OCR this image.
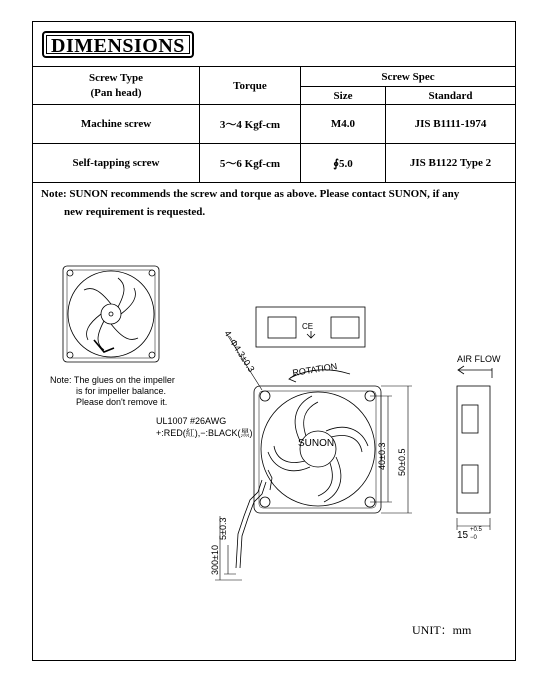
DIMENSIONS
Screw Type
(Pan head)	Torque	Screw Spec	
		Size	Standard
Machine screw	3～4 Kgf-cm	M4.0	JIS B1111-1974
Self-tapping screw	5～6 Kgf-cm	∮5.0	JIS B1122 Type 2
Note: SUNON recommends the screw and torque as above. Please contact SUNON, if any
new requirement is requested.
Note: The glues on the impeller
is for impeller balance.
Please don't remove it.
4−Φ4.3±0.3	ROTATION
SUNON
CE
UL1007 #26AWG
+:RED(紅),−:BLACK(黑)
40±0.3 50±0.5
300±10
5±0.3
AIR FLOW
15 +0.5
−0
UNIT：mm
